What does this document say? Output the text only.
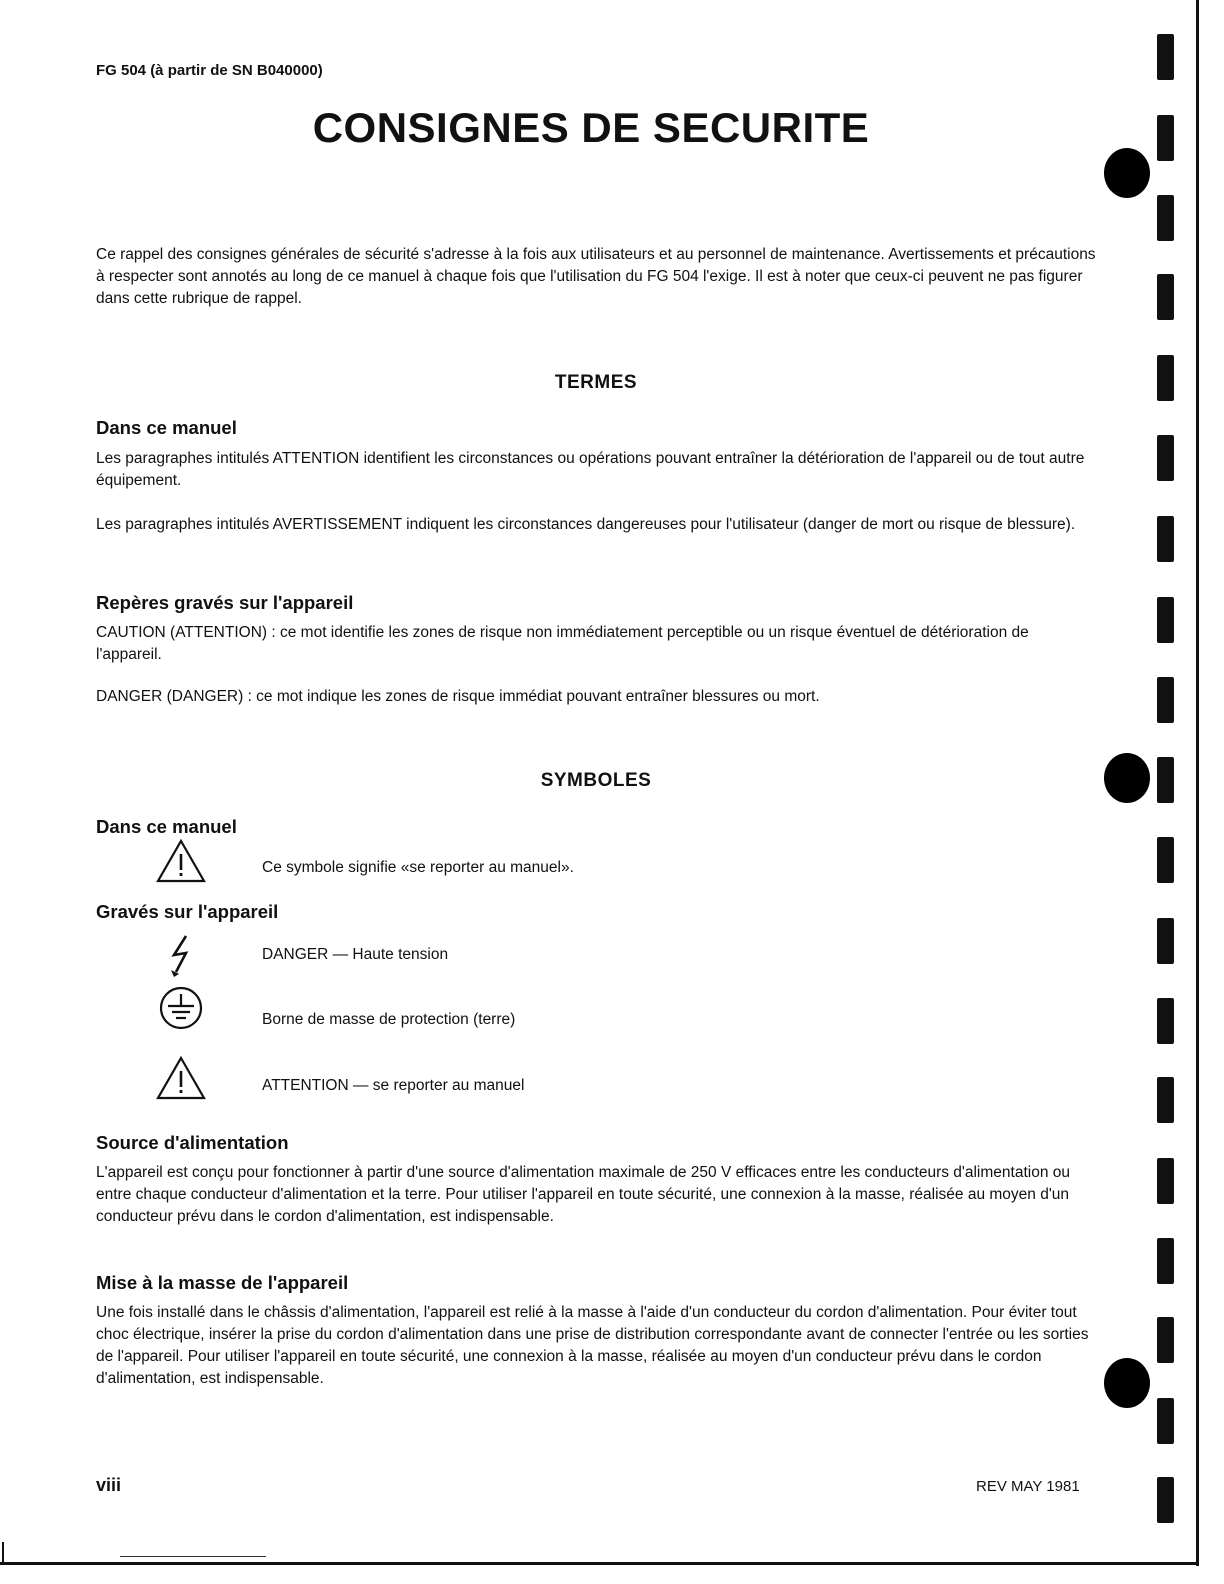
FG 504 (à partir de SN B040000)
CONSIGNES DE SECURITE

Ce rappel des consignes générales de sécurité s'adresse à la fois aux utilisateurs et au personnel de maintenance. Avertissements et précautions à respecter sont annotés au long de ce manuel à chaque fois que l'utilisation du FG 504 l'exige. Il est à noter que ceux-ci peuvent ne pas figurer dans cette rubrique de rappel.

TERMES
Dans ce manuel

Les paragraphes intitulés ATTENTION identifient les circonstances ou opérations pouvant entraîner la détérioration de l'appareil ou de tout autre équipement.

Les paragraphes intitulés AVERTISSEMENT indiquent les circonstances dangereuses pour l'utilisateur (danger de mort ou risque de blessure).

Repères gravés sur l'appareil

CAUTION (ATTENTION) : ce mot identifie les zones de risque non immédiatement perceptible ou un risque éventuel de détérioration de l'appareil.

DANGER (DANGER) : ce mot indique les zones de risque immédiat pouvant entraîner blessures ou mort.

SYMBOLES
Dans ce manuel
Ce symbole signifie «se reporter au manuel».
Gravés sur l'appareil
DANGER — Haute tension
Borne de masse de protection (terre)
ATTENTION — se reporter au manuel
Source d'alimentation

L'appareil est conçu pour fonctionner à partir d'une source d'alimentation maximale de 250 V efficaces entre les conducteurs d'alimentation ou entre chaque conducteur d'alimentation et la terre. Pour utiliser l'appareil en toute sécurité, une connexion à la masse, réalisée au moyen d'un conducteur prévu dans le cordon d'alimentation, est indispensable.

Mise à la masse de l'appareil

Une fois installé dans le châssis d'alimentation, l'appareil est relié à la masse à l'aide d'un conducteur du cordon d'alimentation. Pour éviter tout choc électrique, insérer la prise du cordon d'alimentation dans une prise de distribution correspondante avant de connecter l'entrée ou les sorties de l'appareil. Pour utiliser l'appareil en toute sécurité, une connexion à la masse, réalisée au moyen d'un conducteur prévu dans le cordon d'alimentation, est indispensable.

viii	REV MAY 1981
